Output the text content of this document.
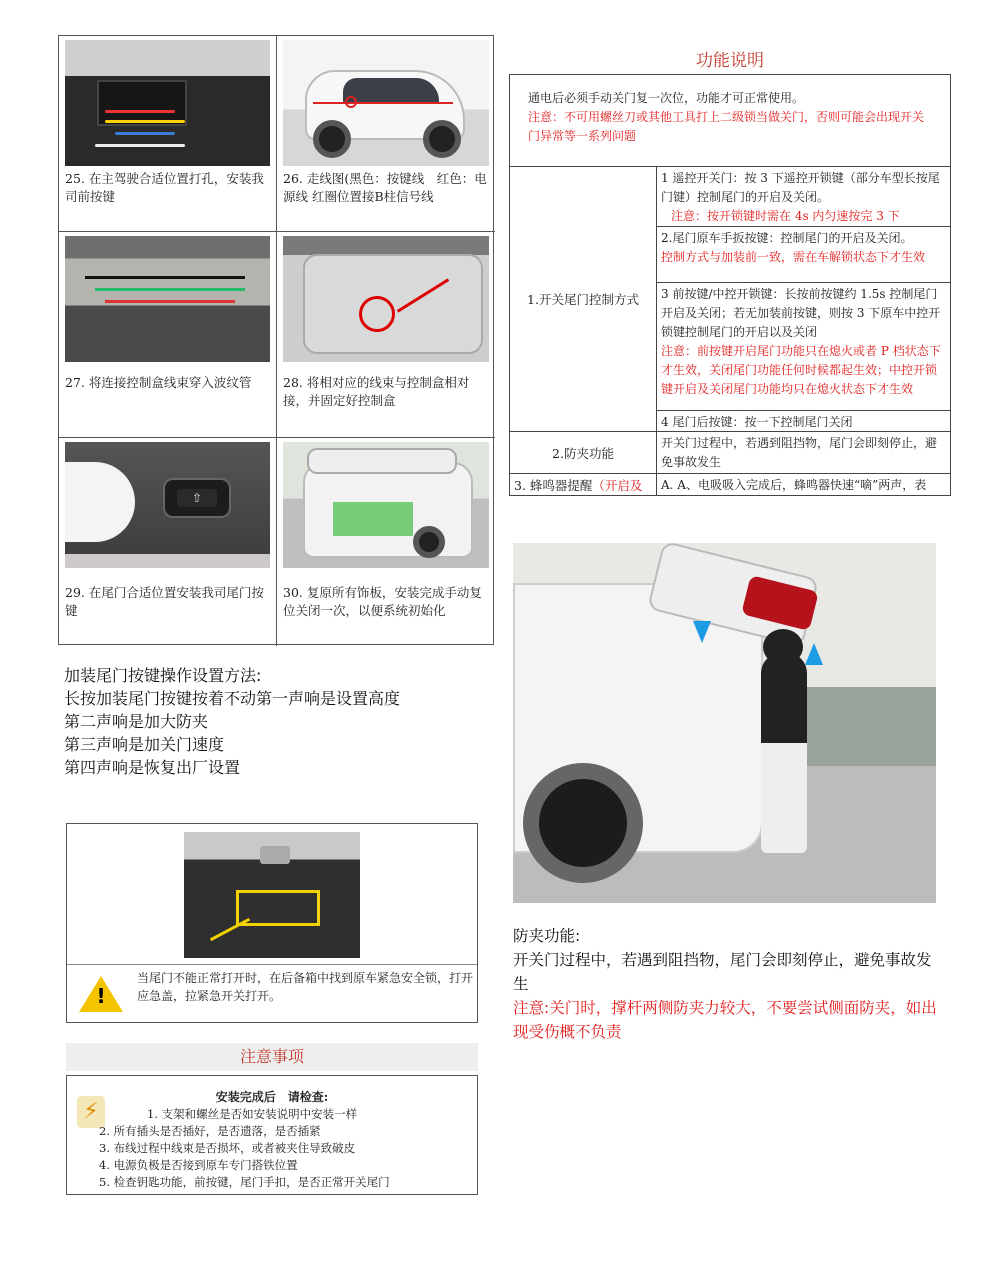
25. 在主驾驶合适位置打孔，安装我司前按键
26. 走线图(黑色：按键线　红色：电源线 红圈位置接B柱信号线
27. 将连接控制盒线束穿入波纹管	28. 将相对应的线束与控制盒相对接，并固定好控制盒
⇧
29. 在尾门合适位置安装我司尾门按键
30. 复原所有饰板，安装完成手动复位关闭一次，以便系统初始化
功能说明
通电后必须手动关门复一次位，功能才可正常使用。
注意：不可用螺丝刀或其他工具打上二级锁当做关门，否则可能会出现开关门异常等一系列问题
1.开关尾门控制方式
1 遥控开关门：按 3 下遥控开锁键（部分车型长按尾门键）控制尾门的开启及关闭。
注意：按开锁键时需在 4s 内匀速按完 3 下
2.尾门原车手扳按键：控制尾门的开启及关闭。
控制方式与加装前一致，需在车解锁状态下才生效
3 前按键/中控开锁键：长按前按键约 1.5s 控制尾门开启及关闭；若无加装前按键，则按 3 下原车中控开锁键控制尾门的开启以及关闭
注意：前按键开启尾门功能只在熄火或者 P 档状态下才生效，关闭尾门功能任何时候都起生效；中控开锁键开启及关闭尾门功能均只在熄火状态下才生效
4 尾门后按键：按一下控制尾门关闭
2.防夹功能
开关门过程中，若遇到阻挡物，尾门会即刻停止，避免事故发生
3. 蜂鸣器提醒 （开启及	A. A、电吸吸入完成后，蜂鸣器快速“嘀”两声，表
加装尾门按键操作设置方法:
长按加装尾门按键按着不动第一声响是设置高度
第二声响是加大防夹
第三声响是加关门速度
第四声响是恢复出厂设置
!
当尾门不能正常打开时，在后备箱中找到原车紧急安全锁，打开应急盖，拉紧急开关打开。
注意事项
⚡
安装完成后　请检查:
1. 支架和螺丝是否如安装说明中安装一样
2. 所有插头是否插好，是否遗落，是否插紧
3. 布线过程中线束是否损坏，或者被夹住导致破皮
4. 电源负极是否接到原车专门搭铁位置
5. 检查钥匙功能，前按键，尾门手扣，是否正常开关尾门
防夹功能:
开关门过程中，若遇到阻挡物，尾门会即刻停止，避免事故发生
注意:关门时，撑杆两侧防夹力较大，不要尝试侧面防夹，如出现受伤概不负责
